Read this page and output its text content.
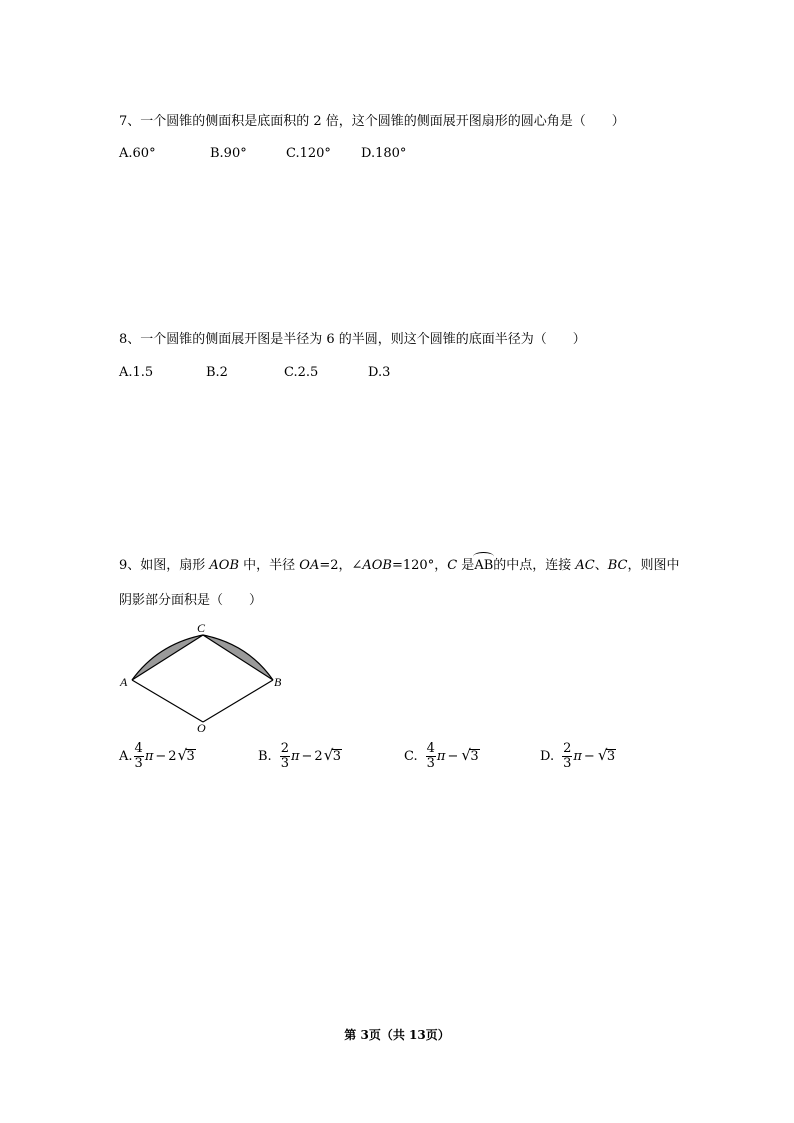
7、一个圆锥的侧面积是底面积的 2 倍，这个圆锥的侧面展开图扇形的圆心角是（　　）
A.60°	B.90°	C.120° D.180°
8、一个圆锥的侧面展开图是半径为 6 的半圆，则这个圆锥的底面半径为（　　）
A.1.5	B.2	C.2.5	D.3
9、如图，扇形 AOB 中，半径 OA=2，∠AOB=120°，C 是AB的中点，连接 AC、BC，则图中
阴影部分面积是（　　）
C
A	B
O
A. $\frac{4}{3}$ π − 2 √ 3	B. $\frac{2}{3}$ π − 2 √ 3	C. $\frac{4}{3}$ π − √ 3	D. $\frac{2}{3}$ π − √ 3
第 3页（共 13页）
